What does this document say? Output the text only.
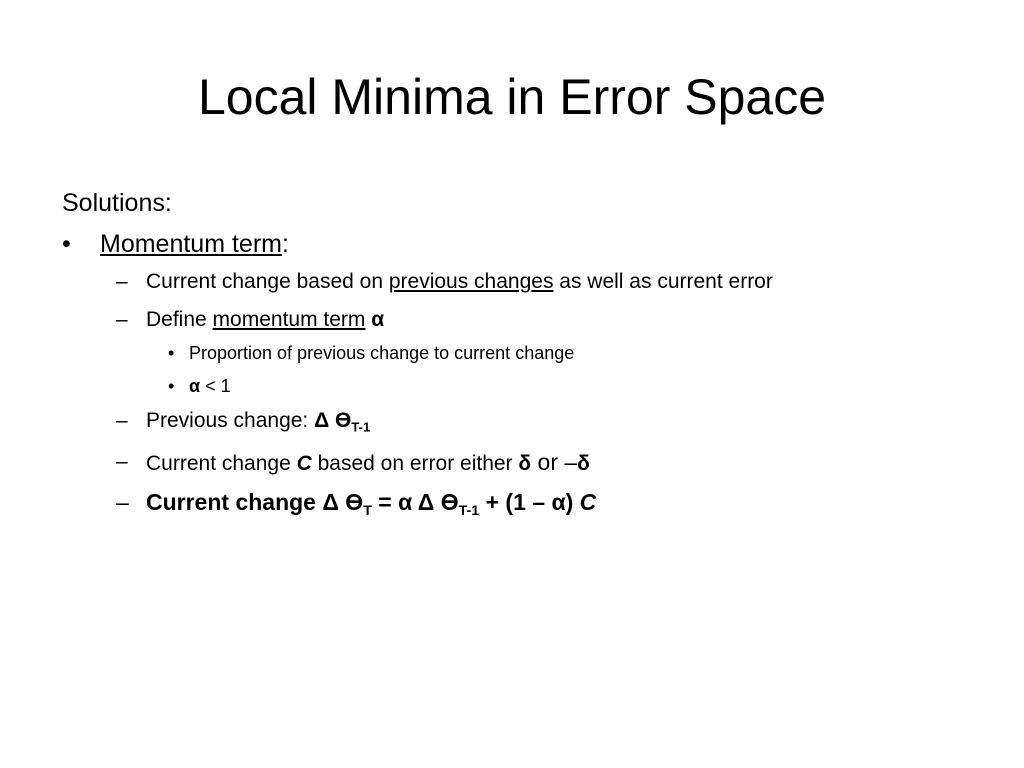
Local Minima in Error Space
Solutions:
• Momentum term:
– Current change based on previous changes as well as current error
– Define momentum term α
• Proportion of previous change to current change
• α < 1
– Previous change: Δ $ϴ_{T-1}$
– Current change C based on error either δ or –δ
– Current change Δ $ϴ_T = \alpha$ Δ $ϴ_{T-1} + (1 - \alpha)$ C
